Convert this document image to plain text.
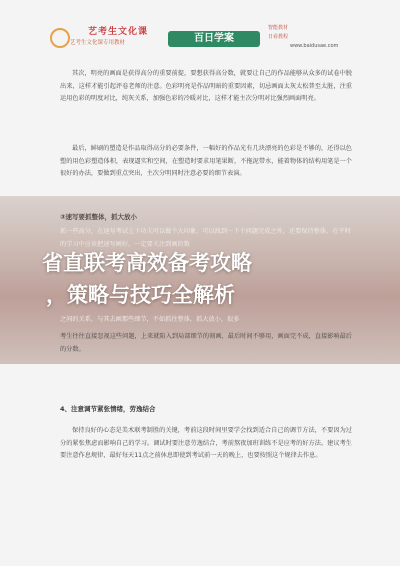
艺考生文化课
艺考生文化课专用教材	百日学案
智能教材
日看教程
www.baidusae.com
其次，明亮的画面是获得高分的重要前提，要想获得高分数，就要让自己的作品能够从众多的试卷中脱出来，这样才能引起评卷老师的注意。色彩明亮是作品明暗的重要因素，切忌画面太灰太松普至太脏，注重运用色彩的明度对比，纯灰关系，加强色彩的冷暖对比，这样才能主次分明对比强烈画面明亮。
最后，鲜刷的塑造是作品取得高分的必要条件，一幅好的作品光有几块漂亮的色彩是不够的，还得以色塑的用色彩塑造体积，表现逼实和空间，在塑造时要求用笔果断，不拖泥带水，能着物体的结构用笔是一个很好的办法，要做到重点突出，主次分明同时注意必要的细节表演。
③速写要抓整体，抓大放小
抓一些高分，在速写考试上下功夫可以做个大印象，可以找到一下个问题完成之外，还要保持整体，在平时的学习中应该把速写画好，一定要关注到画的数
省直联考高效备考攻略
，策略与技巧全解析
之间的关系，与其去画那些细节，不如抓住整体，抓大放小，很多
考生往往直接忽视这些问题，上来就陷入到局部细节的刻画，最后时间不够用，画面完不成，直接影响最后的分数。
4、注意调节紧张情绪，劳逸结合
保持良好的心态是美术联考制胜的关键，考前这段时间里要学会找到适合自己的调节方法，不要因为过分的紧张焦虑而影响自己的学习。调试时要注意劳逸结合，考前熬夜加班训练不是应考的好方法。建议考生要注意作息规律，最好每天11点之前休息即使到考试前一天的晚上，也要按照这个规律去作息。
